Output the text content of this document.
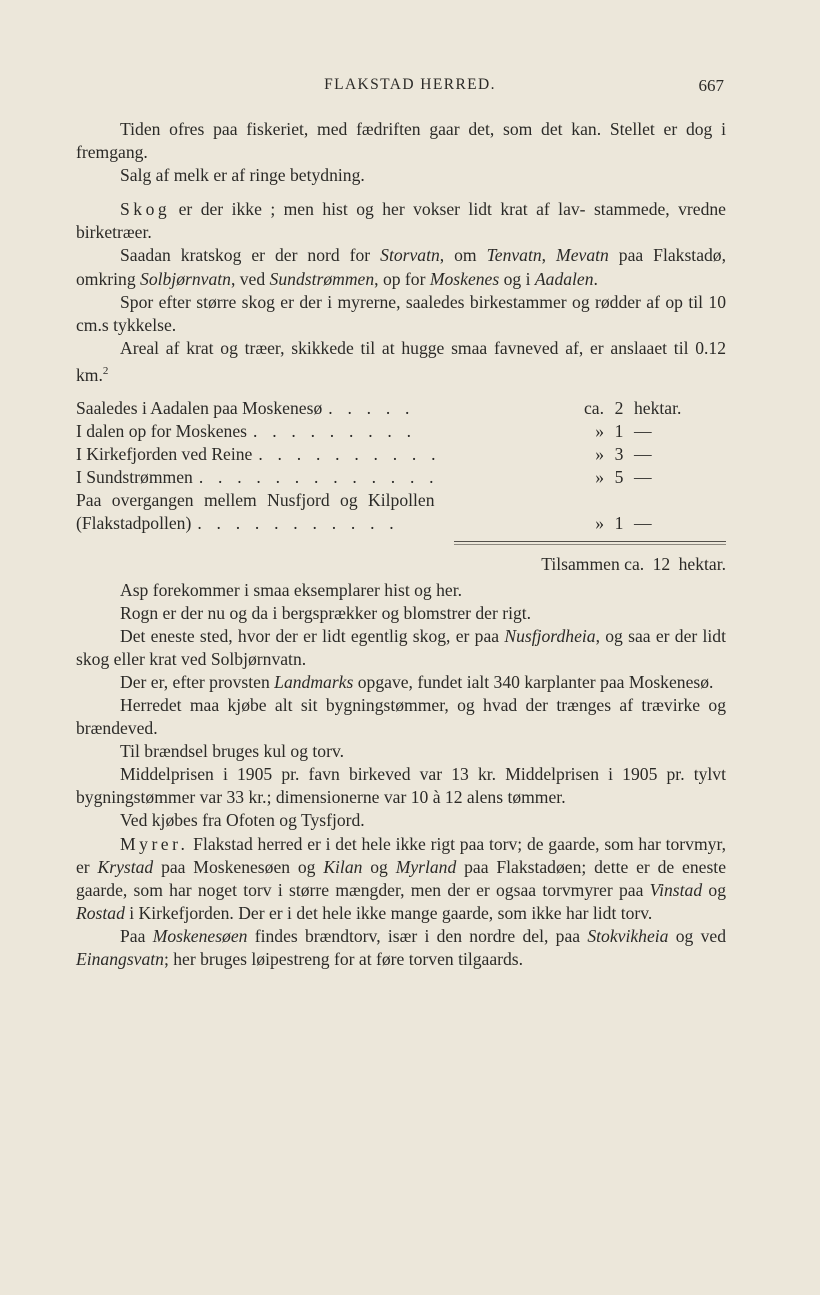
FLAKSTAD HERRED.	667

Tiden ofres paa fiskeriet, med fædriften gaar det, som det kan. Stellet er dog i fremgang.

Salg af melk er af ringe betydning.

Skog er der ikke ; men hist og her vokser lidt krat af lav- stammede, vredne birketræer.

Saadan kratskog er der nord for Storvatn, om Tenvatn, Mevatn paa Flakstadø, omkring Solbjørnvatn, ved Sundstrømmen, op for Moskenes og i Aadalen.

Spor efter større skog er der i myrerne, saaledes birkestammer og rødder af op til 10 cm.s tykkelse.

Areal af krat og træer, skikkede til at hugge smaa favneved af, er anslaaet til 0.12 km.$^2$

Saaledes i Aadalen paa Moskenesø . . . . .	ca. 2 hektar.
I dalen op for Moskenes . . . . . . . . .	» 1 —
I Kirkefjorden ved Reine . . . . . . . . . .	» 3 —
I Sundstrømmen . . . . . . . . . . . . .	» 5 —
Paa overgangen mellem Nusfjord og Kilpollen
(Flakstadpollen) . . . . . . . . . . .	» 1 —
Tilsammen ca. 12 hektar.

Asp forekommer i smaa eksemplarer hist og her.

Rogn er der nu og da i bergsprækker og blomstrer der rigt.

Det eneste sted, hvor der er lidt egentlig skog, er paa Nusfjordheia, og saa er der lidt skog eller krat ved Solbjørnvatn.

Der er, efter provsten Landmarks opgave, fundet ialt 340 karplanter paa Moskenesø.

Herredet maa kjøbe alt sit bygningstømmer, og hvad der trænges af trævirke og brændeved.

Til brændsel bruges kul og torv.

Middelprisen i 1905 pr. favn birkeved var 13 kr. Middelprisen i 1905 pr. tylvt bygningstømmer var 33 kr.; dimensionerne var 10 à 12 alens tømmer.

Ved kjøbes fra Ofoten og Tysfjord.

Myrer. Flakstad herred er i det hele ikke rigt paa torv; de gaarde, som har torvmyr, er Krystad paa Moskenesøen og Kilan og Myrland paa Flakstadøen; dette er de eneste gaarde, som har noget torv i større mængder, men der er ogsaa torvmyrer paa Vinstad og Rostad i Kirkefjorden. Der er i det hele ikke mange gaarde, som ikke har lidt torv.

Paa Moskenesøen findes brændtorv, især i den nordre del, paa Stokvikheia og ved Einangsvatn; her bruges løipestreng for at føre torven tilgaards.
